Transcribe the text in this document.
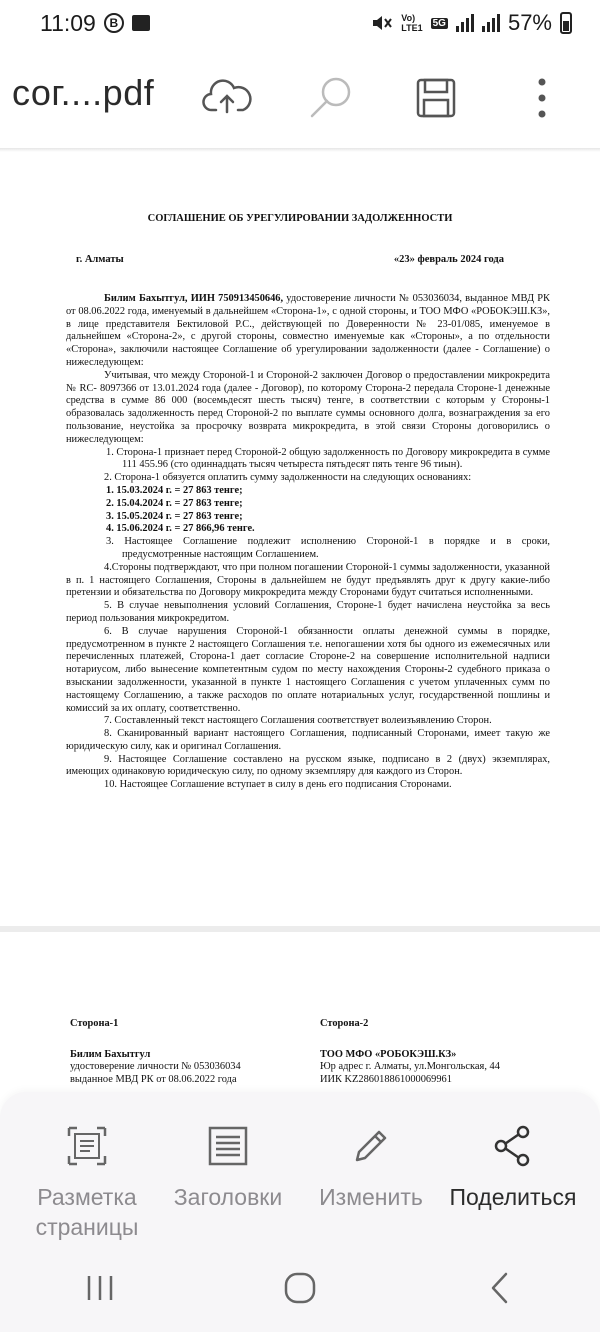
11:09	B	Vo)
LTE1 5G	57%
сог....pdf
СОГЛАШЕНИЕ ОБ УРЕГУЛИРОВАНИИ ЗАДОЛЖЕННОСТИ
г. Алматы	«23» февраль 2024 года

Билим Бахытгул, ИИН 750913450646, удостоверение личности № 053036034, выданное МВД РК от 08.06.2022 года, именуемый в дальнейшем «Сторона-1», с одной стороны, и ТОО МФО «РОБОКЭШ.КЗ», в лице представителя Бектиловой Р.С., действующей по Доверенности № 23-01/085, именуемое в дальнейшем «Сторона-2», с другой стороны, совместно именуемые как «Стороны», а по отдельности «Сторона», заключили настоящее Соглашение об урегулировании задолженности (далее - Соглашение) о нижеследующем:

Учитывая, что между Стороной-1 и Стороной-2 заключен Договор о предоставлении микрокредита № RC- 8097366 от 13.01.2024 года (далее - Договор), по которому Сторона-2 передала Стороне-1 денежные средства в сумме 86 000 (восемьдесят шесть тысяч) тенге, в соответствии с которым у Стороны-1 образовалась задолженность перед Стороной-2 по выплате суммы основного долга, вознаграждения за его пользование, неустойка за просрочку возврата микрокредита, в этой связи Стороны договорились о нижеследующем:

1. Сторона-1 признает перед Стороной-2 общую задолженность по Договору микрокредита в сумме 111 455.96 (сто одиннадцать тысяч четыреста пятьдесят пять тенге 96 тиын).

2. Сторона-1 обязуется оплатить сумму задолженности на следующих основаниях:

1. 15.03.2024 г. = 27 863 тенге;

2. 15.04.2024 г. = 27 863 тенге;

3. 15.05.2024 г. = 27 863 тенге;

4. 15.06.2024 г. = 27 866,96 тенге.

3. Настоящее Соглашение подлежит исполнению Стороной-1 в порядке и в сроки, предусмотренные настоящим Соглашением.

4.Стороны подтверждают, что при полном погашении Стороной-1 суммы задолженности, указанной в п. 1 настоящего Соглашения, Стороны в дальнейшем не будут предъявлять друг к другу какие-либо претензии и обязательства по Договору микрокредита между Сторонами будут считаться исполненными.

5. В случае невыполнения условий Соглашения, Стороне-1 будет начислена неустойка за весь период пользования микрокредитом.

6. В случае нарушения Стороной-1 обязанности оплаты денежной суммы в порядке, предусмотренном в пункте 2 настоящего Соглашения т.е. непогашении хотя бы одного из ежемесячных или перечисленных платежей, Сторона-1 дает согласие Стороне-2 на совершение исполнительной надписи нотариусом, либо вынесение компетентным судом по месту нахождения Стороны-2 судебного приказа о взыскании задолженности, указанной в пункте 1 настоящего Соглашения с учетом уплаченных сумм по настоящему Соглашению, а также расходов по оплате нотариальных услуг, государственной пошлины и комиссий за их оплату, соответственно.

7. Составленный текст настоящего Соглашения соответствует волеизъявлению Сторон.

8. Сканированный вариант настоящего Соглашения, подписанный Сторонами, имеет такую же юридическую силу, как и оригинал Соглашения.

9. Настоящее Соглашение составлено на русском языке, подписано в 2 (двух) экземплярах, имеющих одинаковую юридическую силу, по одному экземпляру для каждого из Сторон.

10. Настоящее Соглашение вступает в силу в день его подписания Сторонами.

Сторона-1
Билим Бахытгул
удостоверение личности № 053036034
выданное МВД РК от 08.06.2022 года
Сторона-2
ТОО МФО «РОБОКЭШ.КЗ»
Юр адрес г. Алматы, ул.Монгольская, 44
ИИК KZ286018861000069961
Разметка страницы
Заголовки Изменить Поделиться
